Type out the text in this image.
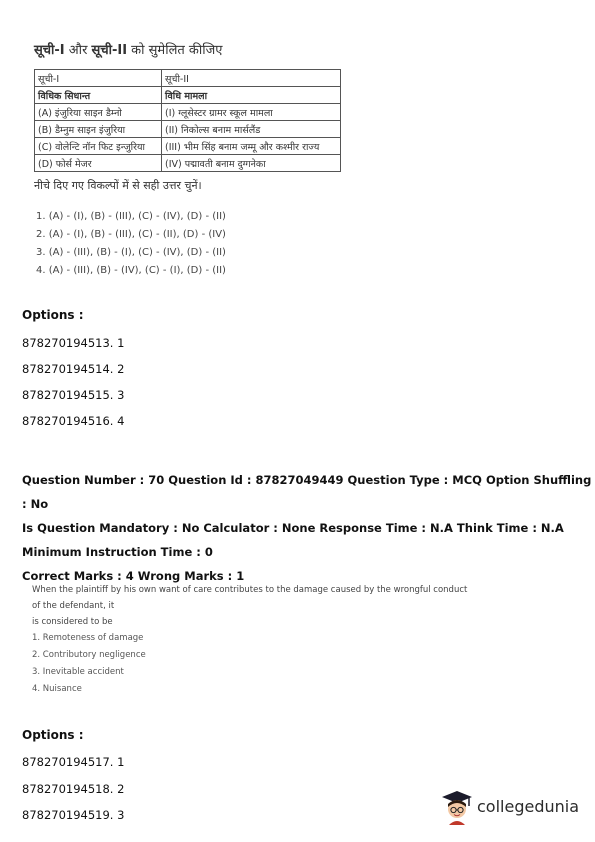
सूची-I और सूची-II को सुमेलित कीजिए
सूची-I	सूची-II
विधिक सिधान्त	विधि मामला
(A) इंजुरिया साइन डैम्नो	(I) ग्लूसेस्टर ग्रामर स्कूल मामला
(B) डैम्नुम साइन इंजुरिया	(II) निकोल्स बनाम मार्सलैंड
(C) वोलेन्टि नॉन फिट इन्जुरिया	(III) भीम सिंह बनाम जम्मू और कश्मीर राज्य
(D) फोर्स मेजर	(IV) पद्मावती बनाम दुग्गनेका
नीचे दिए गए विकल्पों में से सही उत्तर चुनें।
1. (A) - (I), (B) - (III), (C) - (IV), (D) - (II)
2. (A) - (I), (B) - (III), (C) - (II), (D) - (IV)
3. (A) - (III), (B) - (I), (C) - (IV), (D) - (II)
4. (A) - (III), (B) - (IV), (C) - (I), (D) - (II)
Options :
878270194513. 1
878270194514. 2
878270194515. 3
878270194516. 4
Question Number : 70 Question Id : 87827049449 Question Type : MCQ Option Shuffling : No
Is Question Mandatory : No Calculator : None Response Time : N.A Think Time : N.A
Minimum Instruction Time : 0
Correct Marks : 4 Wrong Marks : 1
When the plaintiff by his own want of care contributes to the damage caused by the wrongful conduct of the defendant, it
is considered to be
1. Remoteness of damage
2. Contributory negligence
3. Inevitable accident
4. Nuisance
Options :
878270194517. 1
878270194518. 2
878270194519. 3	collegedunia
